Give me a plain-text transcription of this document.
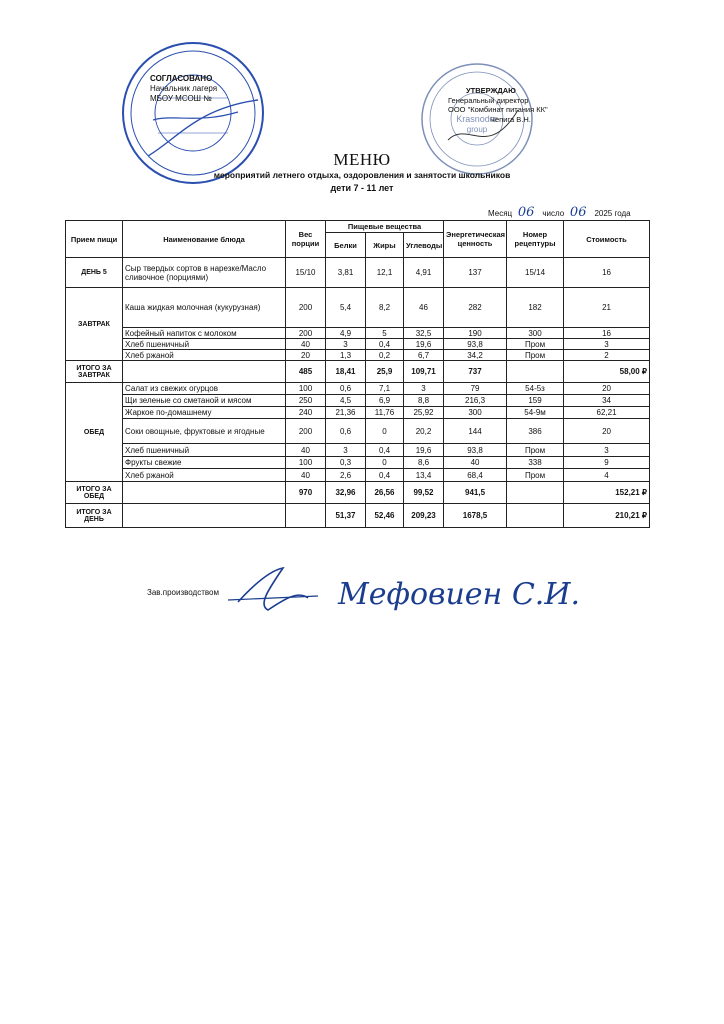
СОГЛАСОВАНО
Начальник лагеря
МБОУ МСОШ №
Krasnodar
group
УТВЕРЖДАЮ
Генеральный директор
ООО "Комбинат питания КК"
Чепига В.Н.
МЕНЮ
мероприятий летнего отдыха, оздоровления и занятости школьников
дети 7 - 11 лет
Месяц 06 число 06 2025 года
Прием пищи	Наименование блюда	Вес порции	Пищевые вещества			Энергетическая ценность	Номер рецептуры	Стоимость
			Белки	Жиры	Углеводы			
ДЕНЬ 5	Сыр твердых сортов в нарезке/Масло сливочное (порциями)	15/10	3,81	12,1	4,91	137	15/14	16
ЗАВТРАК	Каша жидкая молочная (кукурузная)	200	5,4	8,2	46	282	182	21
	Кофейный напиток с молоком	200	4,9	5	32,5	190	300	16
	Хлеб пшеничный	40	3	0,4	19,6	93,8	Пром	3
	Хлеб ржаной	20	1,3	0,2	6,7	34,2	Пром	2
ИТОГО ЗА ЗАВТРАК		485	18,41	25,9	109,71	737		58,00 ₽
ОБЕД	Салат из свежих огурцов	100	0,6	7,1	3	79	54-5з	20
	Щи зеленые со сметаной и мясом	250	4,5	6,9	8,8	216,3	159	34
	Жаркое по-домашнему	240	21,36	11,76	25,92	300	54-9м	62,21
	Соки овощные, фруктовые и ягодные	200	0,6	0	20,2	144	386	20
	Хлеб пшеничный	40	3	0,4	19,6	93,8	Пром	3
	Фрукты свежие	100	0,3	0	8,6	40	338	9
	Хлеб ржаной	40	2,6	0,4	13,4	68,4	Пром	4
ИТОГО ЗА ОБЕД		970	32,96	26,56	99,52	941,5		152,21 ₽
ИТОГО ЗА ДЕНЬ			51,37	52,46	209,23	1678,5		210,21 ₽
Зав.производством	Мефовиен С.И.
